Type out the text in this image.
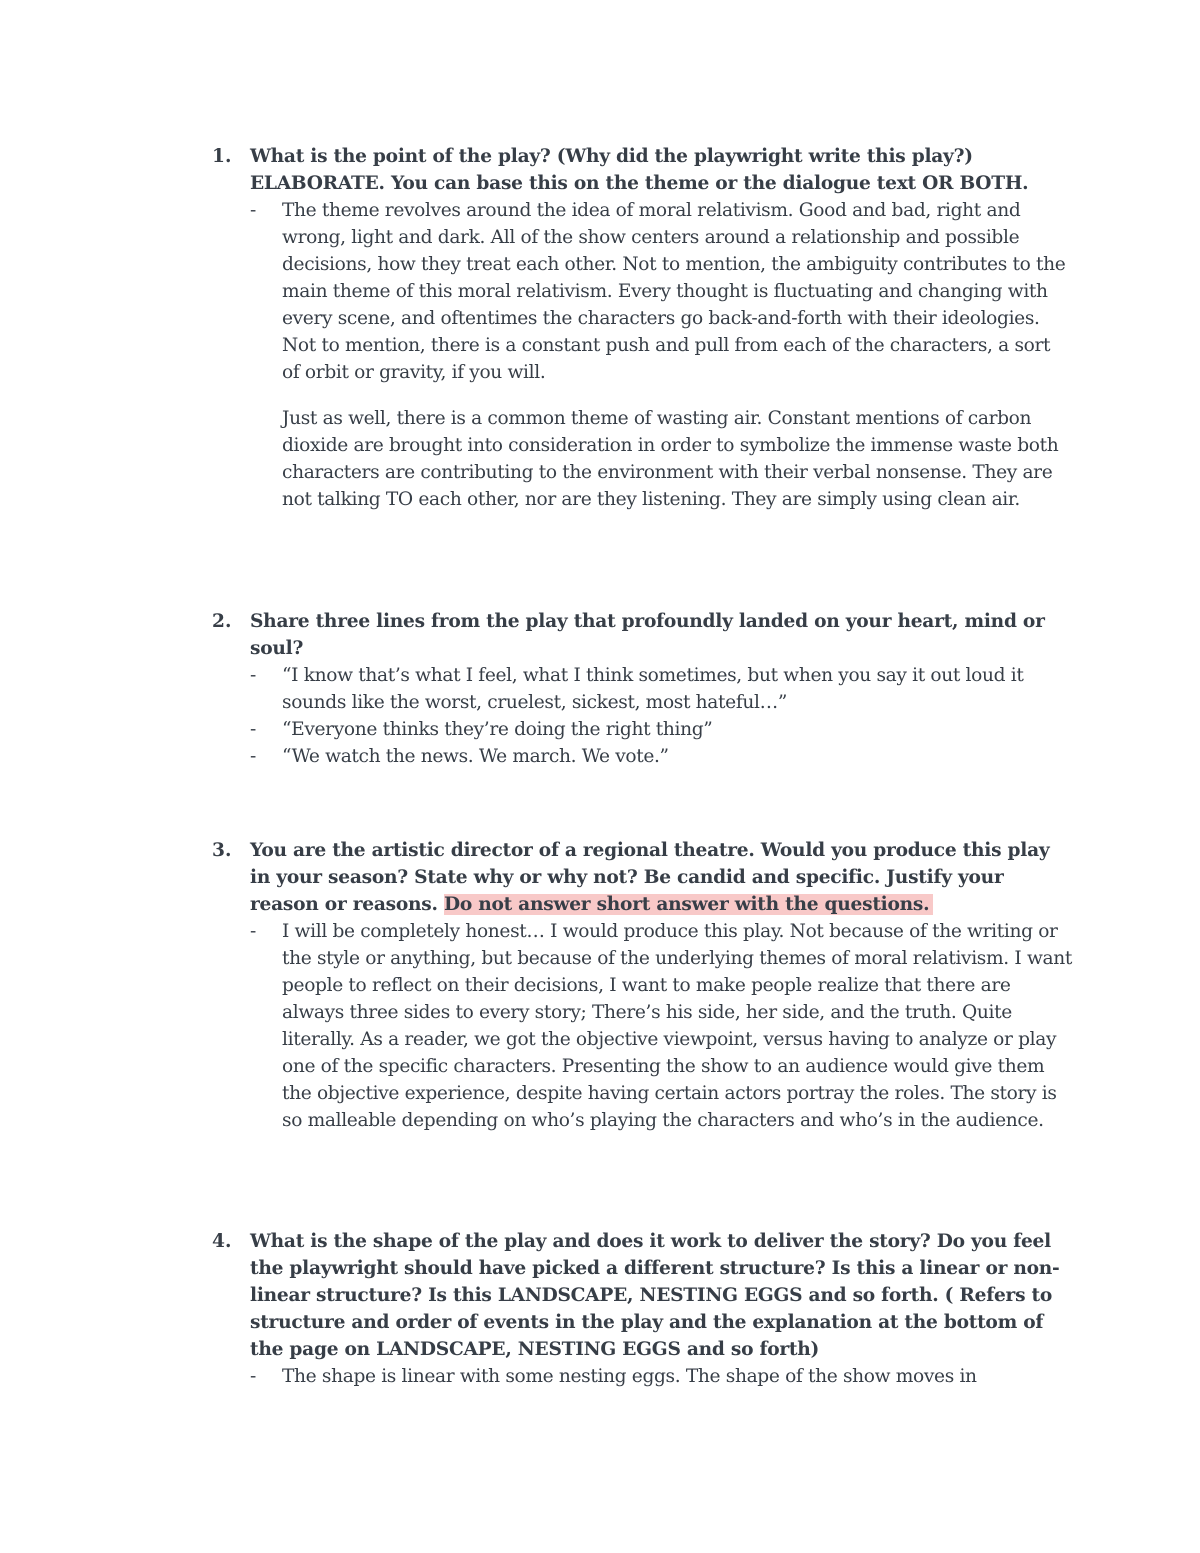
1. What is the point of the play? (Why did the playwright write this play?) ELABORATE. You can base this on the theme or the dialogue text OR BOTH.
-	The theme revolves around the idea of moral relativism. Good and bad, right and wrong, light and dark. All of the show centers around a relationship and possible decisions, how they treat each other. Not to mention, the ambiguity contributes to the main theme of this moral relativism. Every thought is fluctuating and changing with every scene, and oftentimes the characters go back-and-forth with their ideologies. Not to mention, there is a constant push and pull from each of the characters, a sort of orbit or gravity, if you will.
Just as well, there is a common theme of wasting air. Constant mentions of carbon dioxide are brought into consideration in order to symbolize the immense waste both characters are contributing to the environment with their verbal nonsense. They are not talking TO each other, nor are they listening. They are simply using clean air.
2. Share three lines from the play that profoundly landed on your heart, mind or soul?
-	“I know that’s what I feel, what I think sometimes, but when you say it out loud it sounds like the worst, cruelest, sickest, most hateful…”
-	“Everyone thinks they’re doing the right thing”
-	“We watch the news. We march. We vote.”
3. You are the artistic director of a regional theatre. Would you produce this play in your season? State why or why not? Be candid and specific. Justify your reason or reasons. Do not answer short answer with the questions.
-	I will be completely honest… I would produce this play. Not because of the writing or the style or anything, but because of the underlying themes of moral relativism. I want people to reflect on their decisions, I want to make people realize that there are always three sides to every story; There’s his side, her side, and the truth. Quite literally. As a reader, we got the objective viewpoint, versus having to analyze or play one of the specific characters. Presenting the show to an audience would give them the objective experience, despite having certain actors portray the roles. The story is so malleable depending on who’s playing the characters and who’s in the audience.
4. What is the shape of the play and does it work to deliver the story? Do you feel the playwright should have picked a different structure? Is this a linear or non-linear structure? Is this LANDSCAPE, NESTING EGGS and so forth. ( Refers to structure and order of events in the play and the explanation at the bottom of the page on LANDSCAPE, NESTING EGGS and so forth)
-	The shape is linear with some nesting eggs. The shape of the show moves in
